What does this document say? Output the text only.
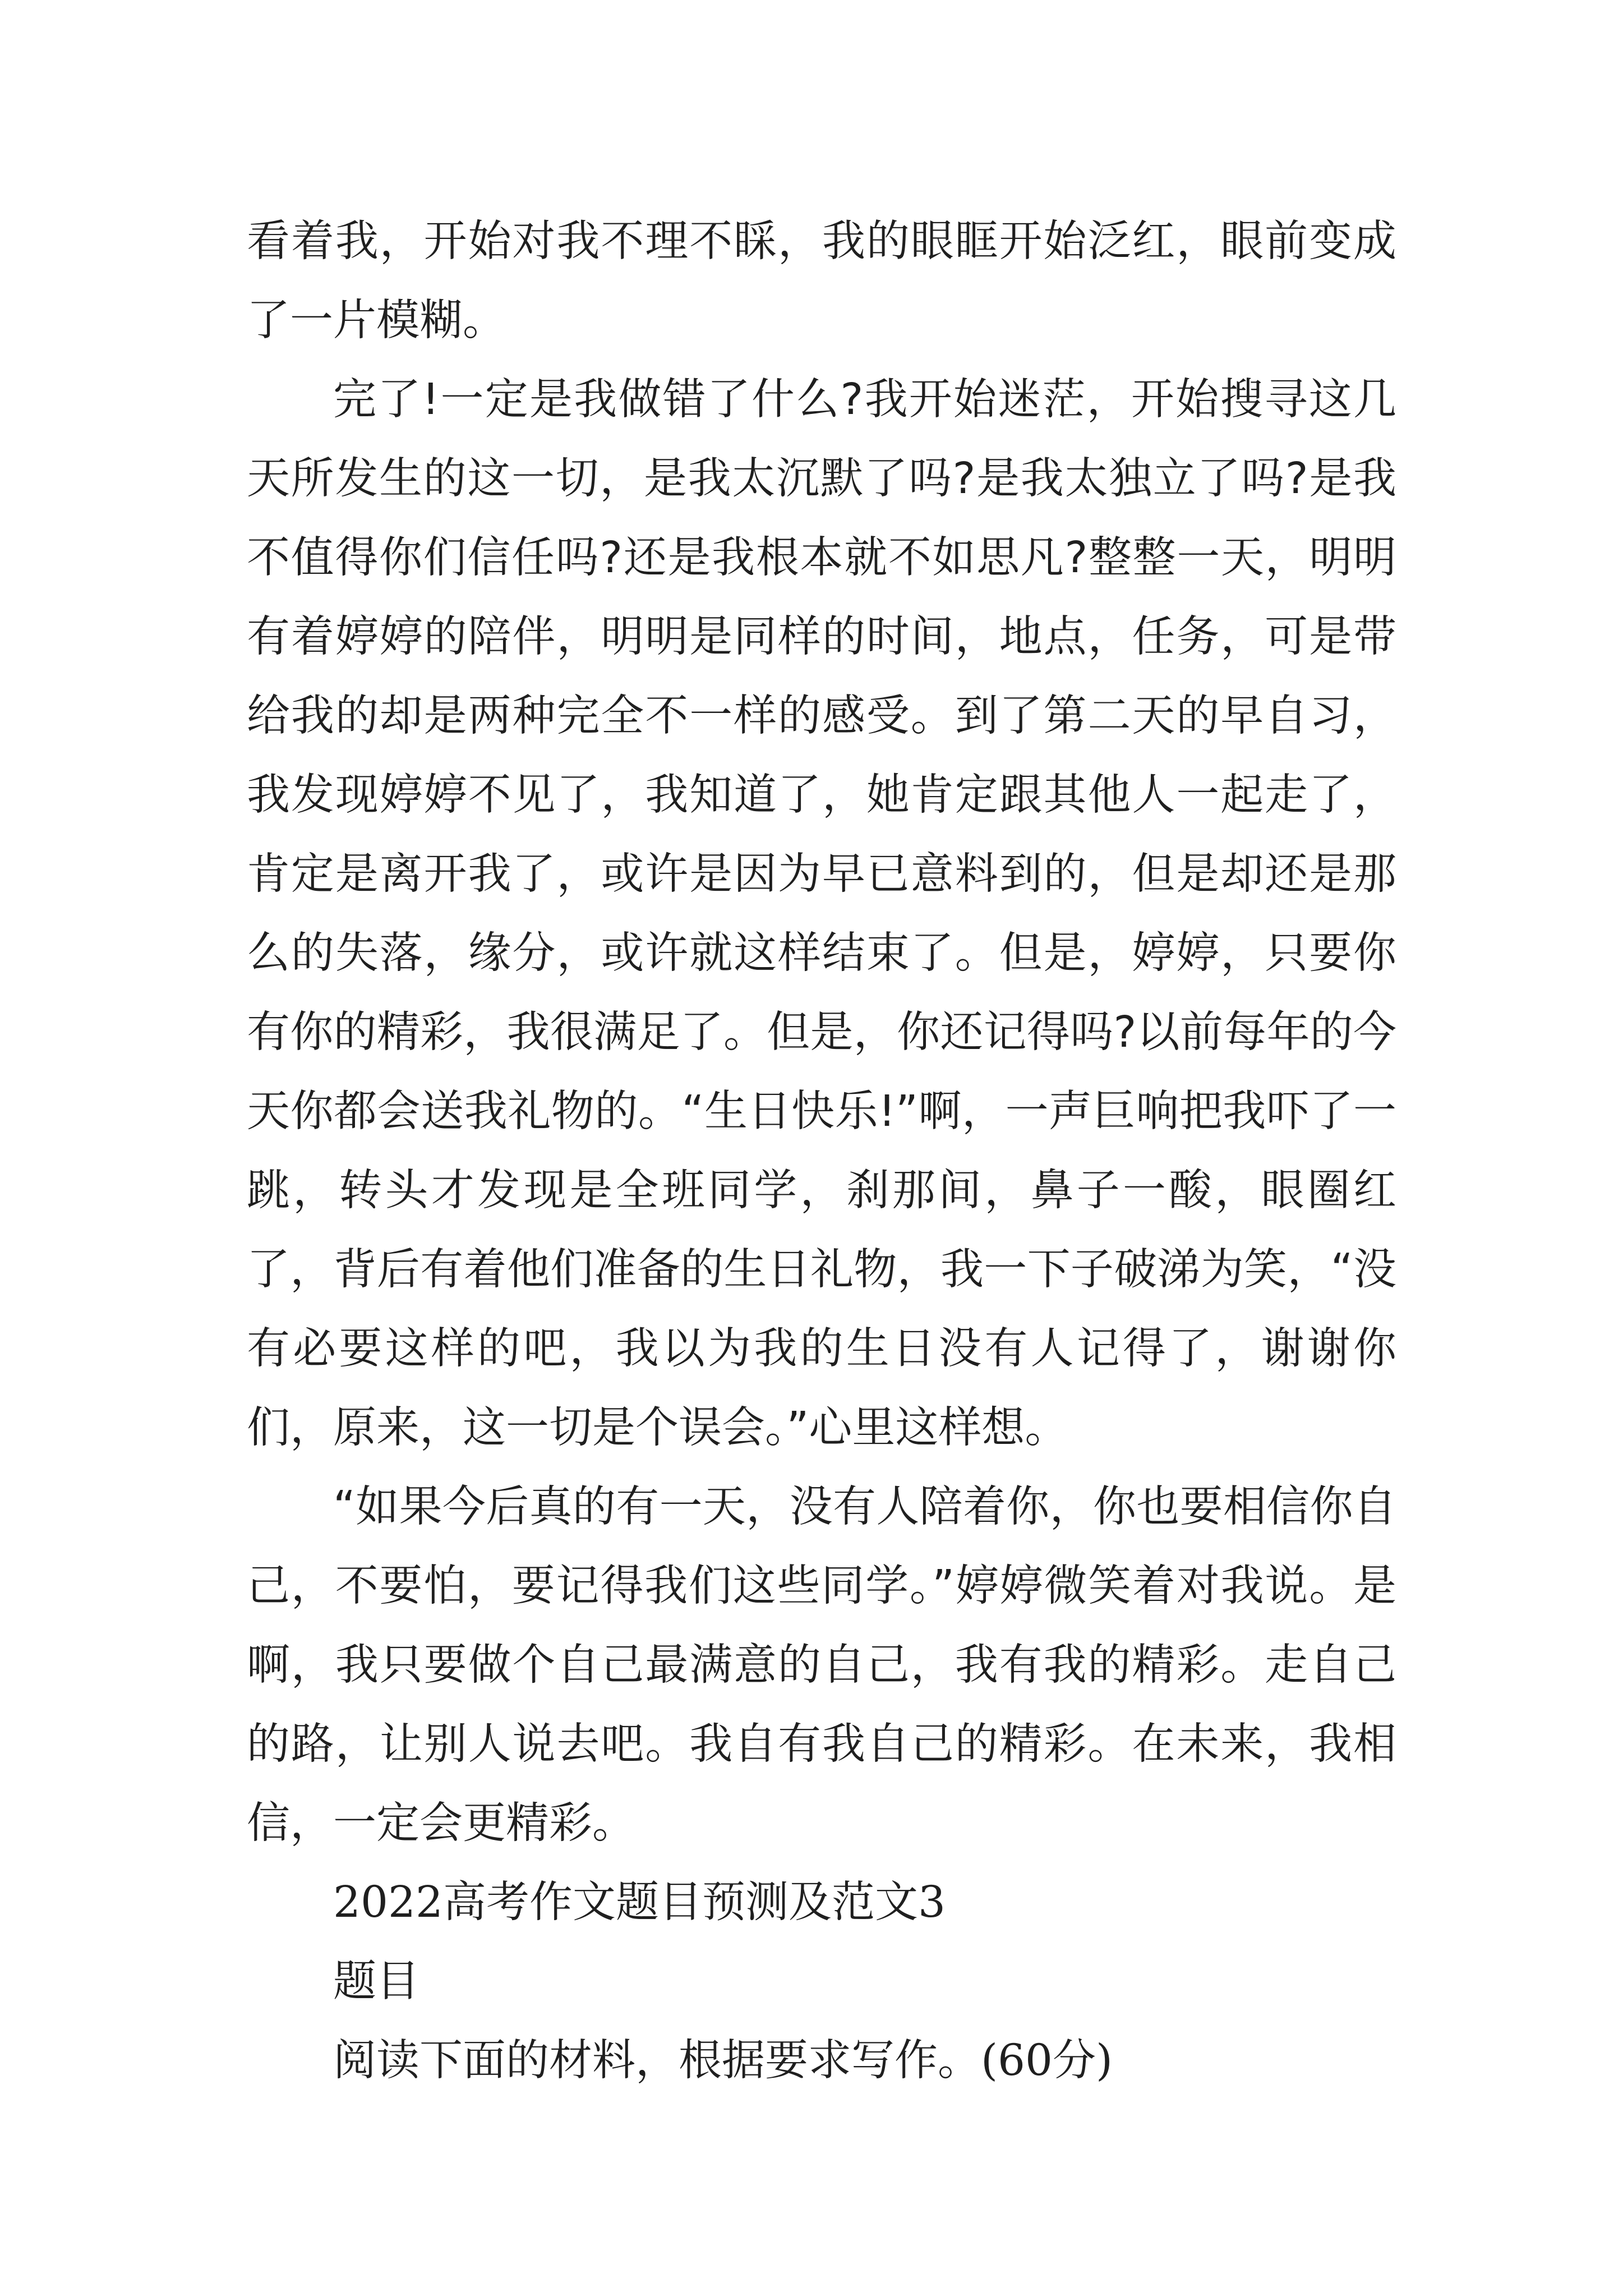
看着我，开始对我不理不睬，我的眼眶开始泛红，眼前变成了一片模糊。

完了!一定是我做错了什么?我开始迷茫，开始搜寻这几天所发生的这一切，是我太沉默了吗?是我太独立了吗?是我不值得你们信任吗?还是我根本就不如思凡?整整一天，明明有着婷婷的陪伴，明明是同样的时间，地点，任务，可是带给我的却是两种完全不一样的感受。到了第二天的早自习，我发现婷婷不见了，我知道了，她肯定跟其他人一起走了，肯定是离开我了，或许是因为早已意料到的，但是却还是那么的失落，缘分，或许就这样结束了。但是，婷婷，只要你有你的精彩，我很满足了。但是，你还记得吗?以前每年的今天你都会送我礼物的。“生日快乐!”啊，一声巨响把我吓了一跳，转头才发现是全班同学，刹那间，鼻子一酸，眼圈红了，背后有着他们准备的生日礼物，我一下子破涕为笑，“没有必要这样的吧，我以为我的生日没有人记得了，谢谢你们，原来，这一切是个误会。”心里这样想。

“如果今后真的有一天，没有人陪着你，你也要相信你自己，不要怕，要记得我们这些同学。”婷婷微笑着对我说。是啊，我只要做个自己最满意的自己，我有我的精彩。走自己的路，让别人说去吧。我自有我自己的精彩。在未来，我相信，一定会更精彩。

2022高考作文题目预测及范文3

题目

阅读下面的材料，根据要求写作。(60分)
